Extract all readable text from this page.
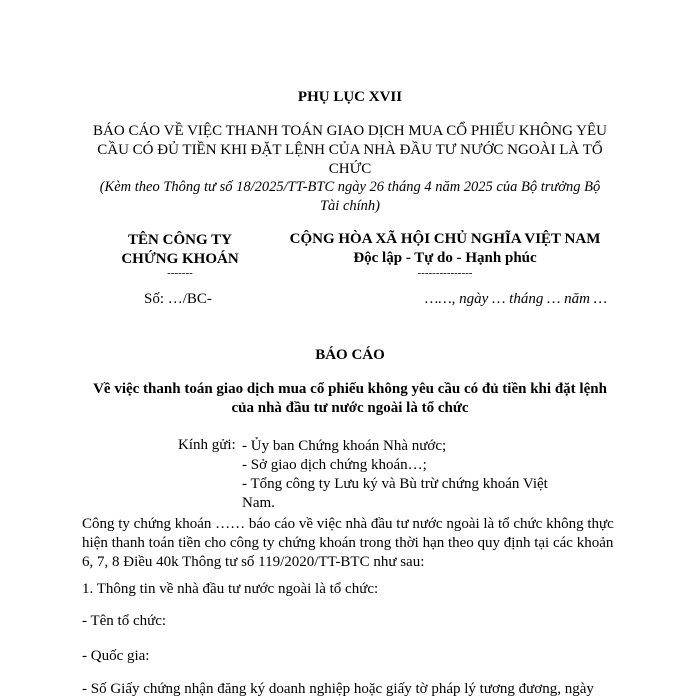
PHỤ LỤC XVII
BÁO CÁO VỀ VIỆC THANH TOÁN GIAO DỊCH MUA CỔ PHIẾU KHÔNG YÊU
CẦU CÓ ĐỦ TIỀN KHI ĐẶT LỆNH CỦA NHÀ ĐẦU TƯ NƯỚC NGOÀI LÀ TỔ
CHỨC
(Kèm theo Thông tư số 18/2025/TT-BTC ngày 26 tháng 4 năm 2025 của Bộ trưởng Bộ
Tài chính)
TÊN CÔNG TY
CHỨNG KHOÁN
-------
CỘNG HÒA XÃ HỘI CHỦ NGHĨA VIỆT NAM
Độc lập - Tự do - Hạnh phúc
---------------
Số: …/BC-	……, ngày … tháng … năm …
BÁO CÁO
Về việc thanh toán giao dịch mua cổ phiếu không yêu cầu có đủ tiền khi đặt lệnh
của nhà đầu tư nước ngoài là tổ chức
Kính gửi: - Ủy ban Chứng khoán Nhà nước;
- Sở giao dịch chứng khoán…;
- Tổng công ty Lưu ký và Bù trừ chứng khoán Việt
Nam.
Công ty chứng khoán …… báo cáo về việc nhà đầu tư nước ngoài là tổ chức không thực
hiện thanh toán tiền cho công ty chứng khoán trong thời hạn theo quy định tại các khoản
6, 7, 8 Điều 40k Thông tư số 119/2020/TT-BTC như sau:
1. Thông tin về nhà đầu tư nước ngoài là tổ chức:
- Tên tổ chức:
- Quốc gia:
- Số Giấy chứng nhận đăng ký doanh nghiệp hoặc giấy tờ pháp lý tương đương, ngày
